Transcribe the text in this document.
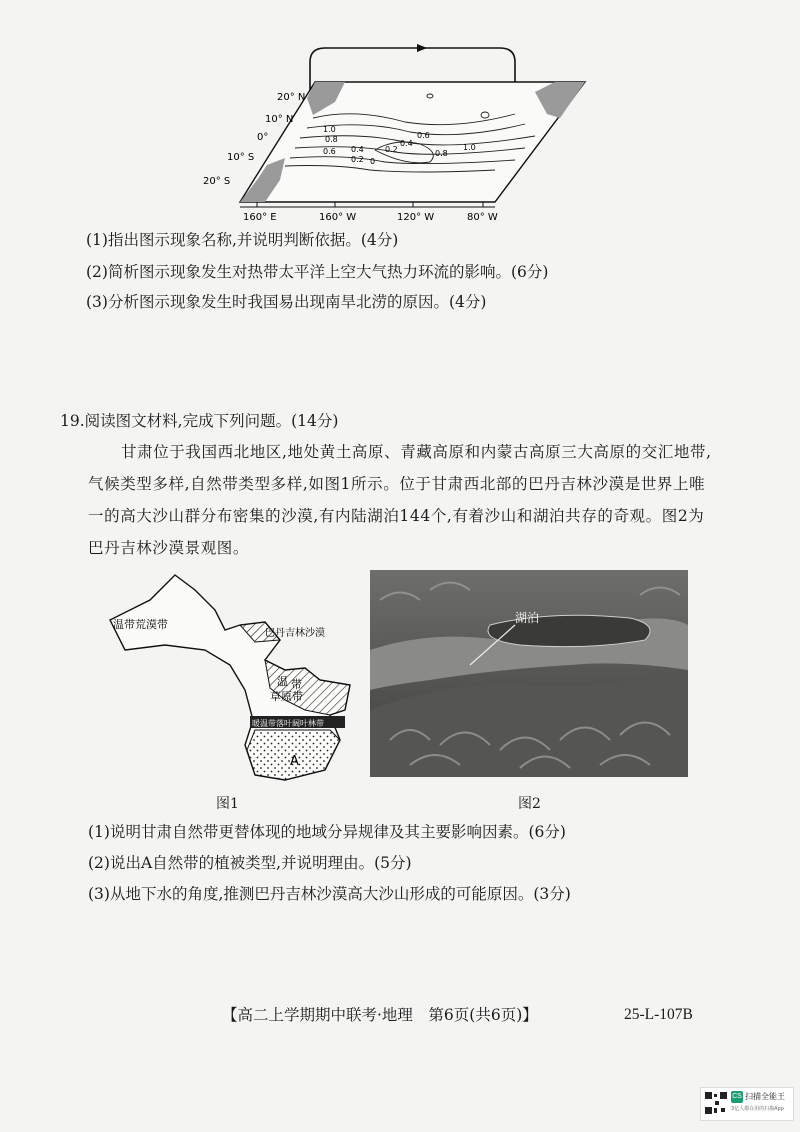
20° N
10° N
0°
10° S
20° S
1.0
0.8
0.6 0.4
0.2 0
0.2
0.4
0.6
0.8
1.0
160° E	160° W	120° W	80° W
(1)指出图示现象名称,并说明判断依据。(4分)
(2)简析图示现象发生对热带太平洋上空大气热力环流的影响。(6分)
(3)分析图示现象发生时我国易出现南旱北涝的原因。(4分)
19.阅读图文材料,完成下列问题。(14分)
甘肃位于我国西北地区,地处黄土高原、青藏高原和内蒙古高原三大高原的交汇地带,
气候类型多样,自然带类型多样,如图1所示。位于甘肃西北部的巴丹吉林沙漠是世界上唯
一的高大沙山群分布密集的沙漠,有内陆湖泊144个,有着沙山和湖泊共存的奇观。图2为
巴丹吉林沙漠景观图。
温带荒漠带
巴丹吉林沙漠
温 带
草原带
暖温带落叶阔叶林带
A
图1
湖泊
图2
(1)说明甘肃自然带更替体现的地域分异规律及其主要影响因素。(6分)
(2)说出A自然带的植被类型,并说明理由。(5分)
(3)从地下水的角度,推测巴丹吉林沙漠高大沙山形成的可能原因。(3分)
【高二上学期期中联考·地理　第6页(共6页)】	25-L-107B
CS 扫描全能王
3亿人都在用的扫描App
